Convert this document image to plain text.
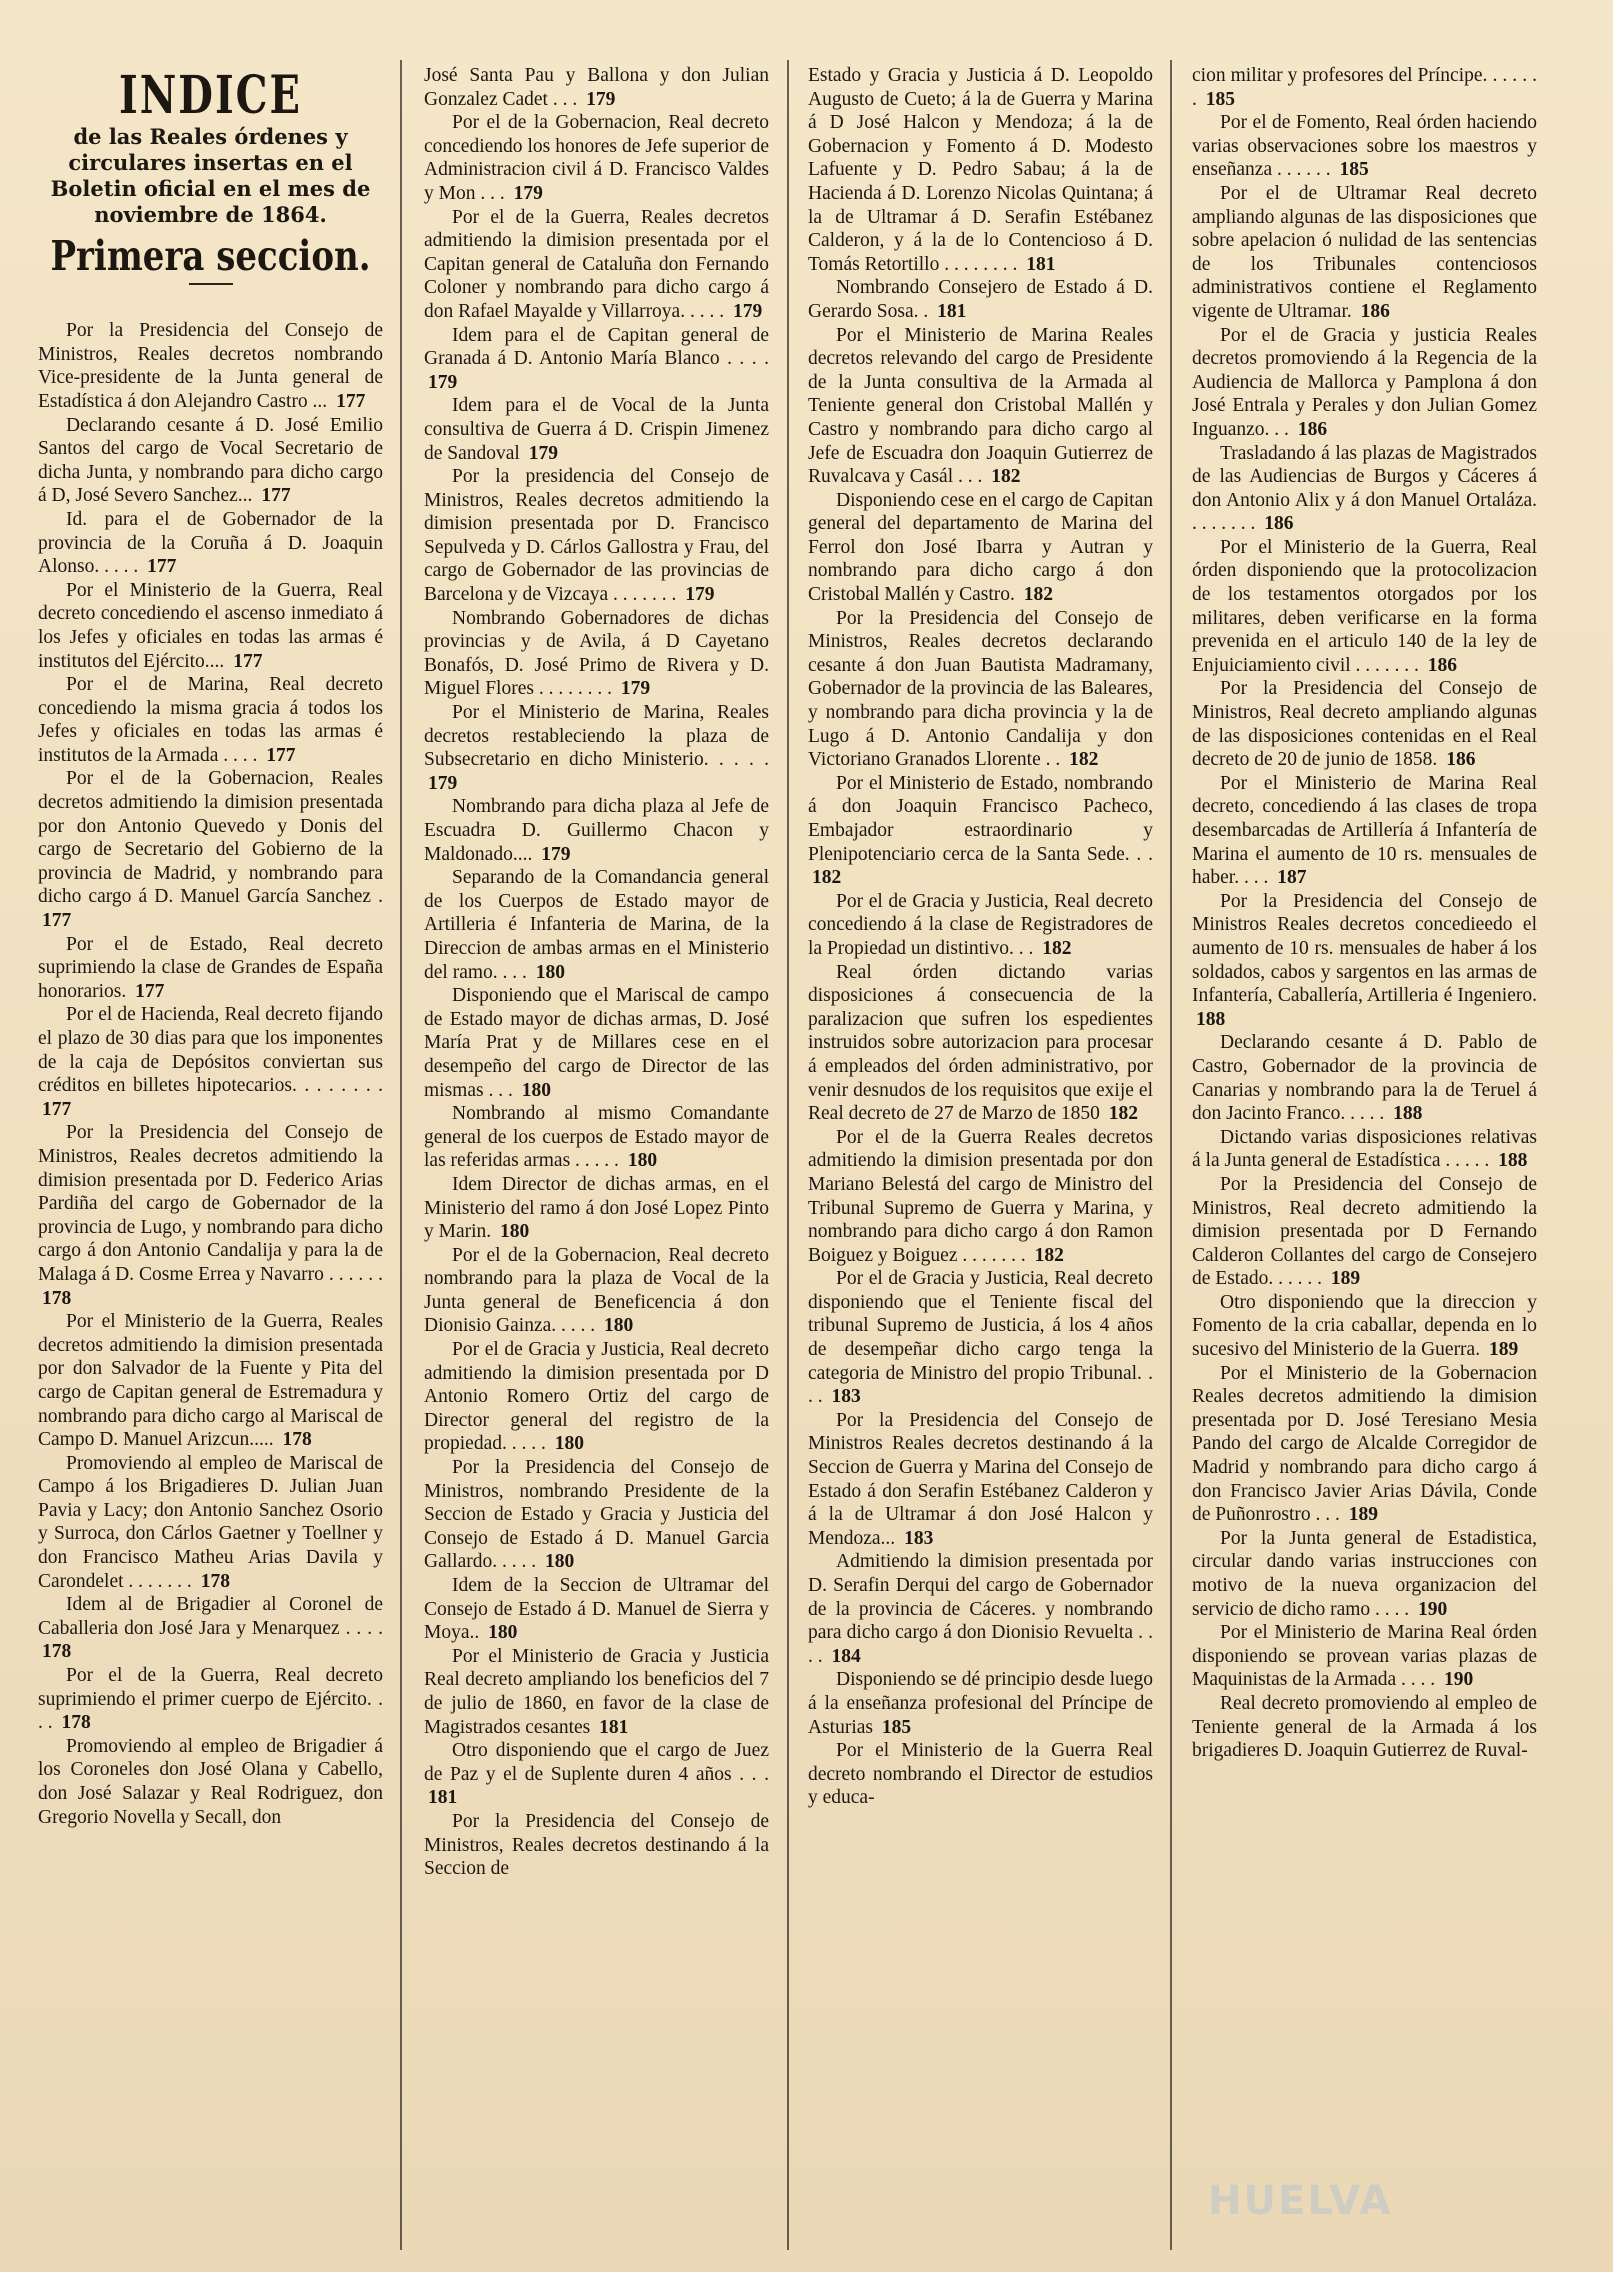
INDICE
de las Reales órdenes y circulares insertas en el Boletin oficial en el mes de noviembre de 1864.
Primera seccion.

Por la Presidencia del Consejo de Ministros, Reales decretos nombrando Vice-presidente de la Junta general de Estadística á don Alejandro Castro ... 177

Declarando cesante á D. José Emilio Santos del cargo de Vocal Secretario de dicha Junta, y nombrando para dicho cargo á D, José Severo Sanchez... 177

Id. para el de Gobernador de la provincia de la Coruña á D. Joaquin Alonso. . . . . 177

Por el Ministerio de la Guerra, Real decreto concediendo el ascenso inmediato á los Jefes y oficiales en todas las armas é institutos del Ejército.... 177

Por el de Marina, Real decreto concediendo la misma gracia á todos los Jefes y oficiales en todas las armas é institutos de la Armada . . . . 177

Por el de la Gobernacion, Reales decretos admitiendo la dimision presentada por don Antonio Quevedo y Donis del cargo de Secretario del Gobierno de la provincia de Madrid, y nombrando para dicho cargo á D. Manuel García Sanchez . 177

Por el de Estado, Real decreto suprimiendo la clase de Grandes de España honorarios. 177

Por el de Hacienda, Real decreto fijando el plazo de 30 dias para que los imponentes de la caja de Depósitos conviertan sus créditos en billetes hipotecarios. . . . . . . . 177

Por la Presidencia del Consejo de Ministros, Reales decretos admitiendo la dimision presentada por D. Federico Arias Pardiña del cargo de Gobernador de la provincia de Lugo, y nombrando para dicho cargo á don Antonio Candalija y para la de Malaga á D. Cosme Errea y Navarro . . . . . . 178

Por el Ministerio de la Guerra, Reales decretos admitiendo la dimision presentada por don Salvador de la Fuente y Pita del cargo de Capitan general de Estremadura y nombrando para dicho cargo al Mariscal de Campo D. Manuel Arizcun..... 178

Promoviendo al empleo de Mariscal de Campo á los Brigadieres D. Julian Juan Pavia y Lacy; don Antonio Sanchez Osorio y Surroca, don Cárlos Gaetner y Toellner y don Francisco Matheu Arias Davila y Carondelet . . . . . . . 178

Idem al de Brigadier al Coronel de Caballeria don José Jara y Menarquez . . . . 178

Por el de la Guerra, Real decreto suprimiendo el primer cuerpo de Ejército. . . . 178

Promoviendo al empleo de Brigadier á los Coroneles don José Olana y Cabello, don José Salazar y Real Rodriguez, don Gregorio Novella y Secall, don

José Santa Pau y Ballona y don Julian Gonzalez Cadet . . . 179

Por el de la Gobernacion, Real decreto concediendo los honores de Jefe superior de Administracion civil á D. Francisco Valdes y Mon . . . 179

Por el de la Guerra, Reales decretos admitiendo la dimision presentada por el Capitan general de Cataluña don Fernando Coloner y nombrando para dicho cargo á don Rafael Mayalde y Villarroya. . . . . 179

Idem para el de Capitan general de Granada á D. Antonio María Blanco . . . . 179

Idem para el de Vocal de la Junta consultiva de Guerra á D. Crispin Jimenez de Sandoval 179

Por la presidencia del Consejo de Ministros, Reales decretos admitiendo la dimision presentada por D. Francisco Sepulveda y D. Cárlos Gallostra y Frau, del cargo de Gobernador de las provincias de Barcelona y de Vizcaya . . . . . . . 179

Nombrando Gobernadores de dichas provincias y de Avila, á D Cayetano Bonafós, D. José Primo de Rivera y D. Miguel Flores . . . . . . . . 179

Por el Ministerio de Marina, Reales decretos restableciendo la plaza de Subsecretario en dicho Ministerio. . . . . 179

Nombrando para dicha plaza al Jefe de Escuadra D. Guillermo Chacon y Maldonado.... 179

Separando de la Comandancia general de los Cuerpos de Estado mayor de Artilleria é Infanteria de Marina, de la Direccion de ambas armas en el Ministerio del ramo. . . . 180

Disponiendo que el Mariscal de campo de Estado mayor de dichas armas, D. José María Prat y de Millares cese en el desempeño del cargo de Director de las mismas . . . 180

Nombrando al mismo Comandante general de los cuerpos de Estado mayor de las referidas armas . . . . . 180

Idem Director de dichas armas, en el Ministerio del ramo á don José Lopez Pinto y Marin. 180

Por el de la Gobernacion, Real decreto nombrando para la plaza de Vocal de la Junta general de Beneficencia á don Dionisio Gainza. . . . . 180

Por el de Gracia y Justicia, Real decreto admitiendo la dimision presentada por D Antonio Romero Ortiz del cargo de Director general del registro de la propiedad. . . . . 180

Por la Presidencia del Consejo de Ministros, nombrando Presidente de la Seccion de Estado y Gracia y Justicia del Consejo de Estado á D. Manuel Garcia Gallardo. . . . . 180

Idem de la Seccion de Ultramar del Consejo de Estado á D. Manuel de Sierra y Moya.. 180

Por el Ministerio de Gracia y Justicia Real decreto ampliando los beneficios del 7 de julio de 1860, en favor de la clase de Magistrados cesantes 181

Otro disponiendo que el cargo de Juez de Paz y el de Suplente duren 4 años . . . 181

Por la Presidencia del Consejo de Ministros, Reales decretos destinando á la Seccion de

Estado y Gracia y Justicia á D. Leopoldo Augusto de Cueto; á la de Guerra y Marina á D José Halcon y Mendoza; á la de Gobernacion y Fomento á D. Modesto Lafuente y D. Pedro Sabau; á la de Hacienda á D. Lorenzo Nicolas Quintana; á la de Ultramar á D. Serafin Estébanez Calderon, y á la de lo Contencioso á D. Tomás Retortillo . . . . . . . . 181

Nombrando Consejero de Estado á D. Gerardo Sosa. . 181

Por el Ministerio de Marina Reales decretos relevando del cargo de Presidente de la Junta consultiva de la Armada al Teniente general don Cristobal Mallén y Castro y nombrando para dicho cargo al Jefe de Escuadra don Joaquin Gutierrez de Ruvalcava y Casál . . . 182

Disponiendo cese en el cargo de Capitan general del departamento de Marina del Ferrol don José Ibarra y Autran y nombrando para dicho cargo á don Cristobal Mallén y Castro. 182

Por la Presidencia del Consejo de Ministros, Reales decretos declarando cesante á don Juan Bautista Madramany, Gobernador de la provincia de las Baleares, y nombrando para dicha provincia y la de Lugo á D. Antonio Candalija y don Victoriano Granados Llorente . . 182

Por el Ministerio de Estado, nombrando á don Joaquin Francisco Pacheco, Embajador estraordinario y Plenipotenciario cerca de la Santa Sede. . . 182

Por el de Gracia y Justicia, Real decreto concediendo á la clase de Registradores de la Propiedad un distintivo. . . 182

Real órden dictando varias disposiciones á consecuencia de la paralizacion que sufren los espedientes instruidos sobre autorizacion para procesar á empleados del órden administrativo, por venir desnudos de los requisitos que exije el Real decreto de 27 de Marzo de 1850 182

Por el de la Guerra Reales decretos admitiendo la dimision presentada por don Mariano Belestá del cargo de Ministro del Tribunal Supremo de Guerra y Marina, y nombrando para dicho cargo á don Ramon Boiguez y Boiguez . . . . . . . 182

Por el de Gracia y Justicia, Real decreto disponiendo que el Teniente fiscal del tribunal Supremo de Justicia, á los 4 años de desempeñar dicho cargo tenga la categoria de Ministro del propio Tribunal. . . . 183

Por la Presidencia del Consejo de Ministros Reales decretos destinando á la Seccion de Guerra y Marina del Consejo de Estado á don Serafin Estébanez Calderon y á la de Ultramar á don José Halcon y Mendoza... 183

Admitiendo la dimision presentada por D. Serafin Derqui del cargo de Gobernador de la provincia de Cáceres. y nombrando para dicho cargo á don Dionisio Revuelta . . . . 184

Disponiendo se dé principio desde luego á la enseñanza profesional del Príncipe de Asturias 185

Por el Ministerio de la Guerra Real decreto nombrando el Director de estudios y educa-

cion militar y profesores del Príncipe. . . . . . . 185

Por el de Fomento, Real órden haciendo varias observaciones sobre los maestros y enseñanza . . . . . . 185

Por el de Ultramar Real decreto ampliando algunas de las disposiciones que sobre apelacion ó nulidad de las sentencias de los Tribunales contenciosos administrativos contiene el Reglamento vigente de Ultramar. 186

Por el de Gracia y justicia Reales decretos promoviendo á la Regencia de la Audiencia de Mallorca y Pamplona á don José Entrala y Perales y don Julian Gomez Inguanzo. . . 186

Trasladando á las plazas de Magistrados de las Audiencias de Burgos y Cáceres á don Antonio Alix y á don Manuel Ortaláza. . . . . . . . 186

Por el Ministerio de la Guerra, Real órden disponiendo que la protocolizacion de los testamentos otorgados por los militares, deben verificarse en la forma prevenida en el articulo 140 de la ley de Enjuiciamiento civil . . . . . . . 186

Por la Presidencia del Consejo de Ministros, Real decreto ampliando algunas de las disposiciones contenidas en el Real decreto de 20 de junio de 1858. 186

Por el Ministerio de Marina Real decreto, concediendo á las clases de tropa desembarcadas de Artillería á Infantería de Marina el aumento de 10 rs. mensuales de haber. . . . 187

Por la Presidencia del Consejo de Ministros Reales decretos concedieedo el aumento de 10 rs. mensuales de haber á los soldados, cabos y sargentos en las armas de Infantería, Caballería, Artilleria é Ingeniero. 188

Declarando cesante á D. Pablo de Castro, Gobernador de la provincia de Canarias y nombrando para la de Teruel á don Jacinto Franco. . . . . 188

Dictando varias disposiciones relativas á la Junta general de Estadística . . . . . 188

Por la Presidencia del Consejo de Ministros, Real decreto admitiendo la dimision presentada por D Fernando Calderon Collantes del cargo de Consejero de Estado. . . . . . 189

Otro disponiendo que la direccion y Fomento de la cria caballar, dependa en lo sucesivo del Ministerio de la Guerra. 189

Por el Ministerio de la Gobernacion Reales decretos admitiendo la dimision presentada por D. José Teresiano Mesia Pando del cargo de Alcalde Corregidor de Madrid y nombrando para dicho cargo á don Francisco Javier Arias Dávila, Conde de Puñonrostro . . . 189

Por la Junta general de Estadistica, circular dando varias instrucciones con motivo de la nueva organizacion del servicio de dicho ramo . . . . 190

Por el Ministerio de Marina Real órden disponiendo se provean varias plazas de Maquinistas de la Armada . . . . 190

Real decreto promoviendo al empleo de Teniente general de la Armada á los brigadieres D. Joaquin Gutierrez de Ruval-

HUELVA
